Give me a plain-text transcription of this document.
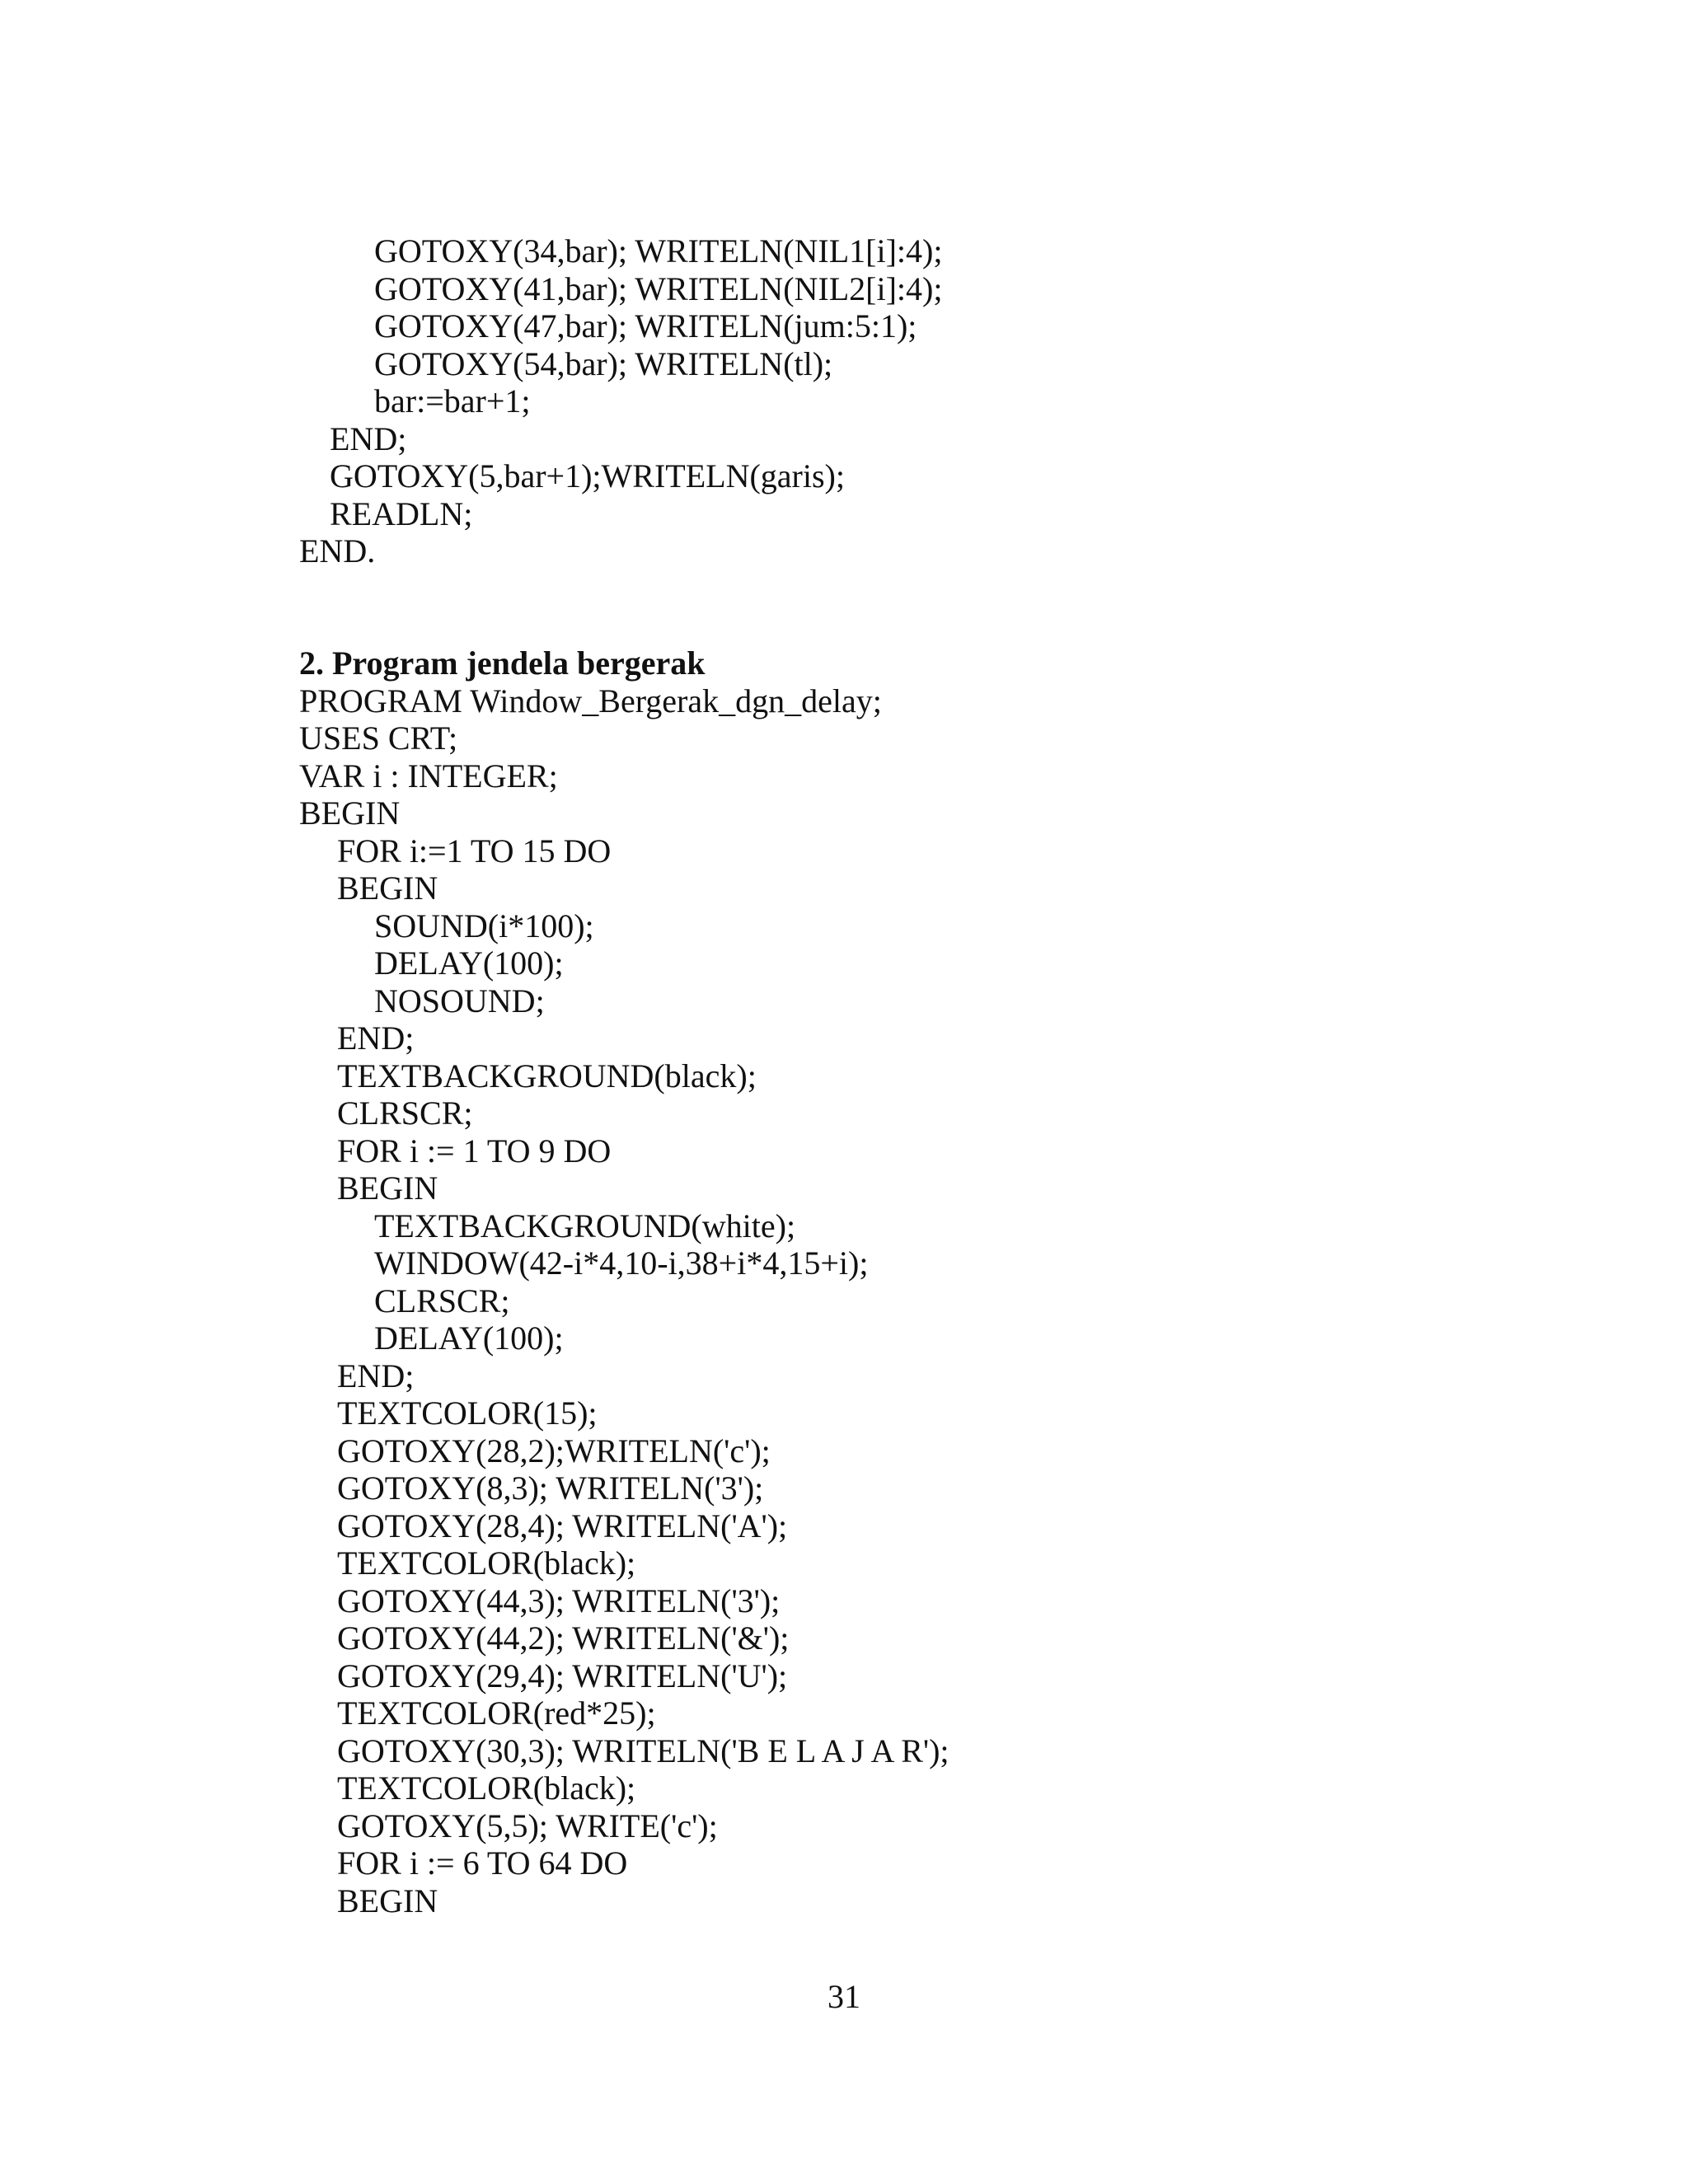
GOTOXY(34,bar); WRITELN(NIL1[i]:4);
GOTOXY(41,bar); WRITELN(NIL2[i]:4);
GOTOXY(47,bar); WRITELN(jum:5:1);
GOTOXY(54,bar); WRITELN(tl);
bar:=bar+1;
END;
GOTOXY(5,bar+1);WRITELN(garis);
READLN;
END.
2. Program jendela bergerak
PROGRAM Window_Bergerak_dgn_delay;
USES CRT;
VAR i : INTEGER;
BEGIN
FOR i:=1 TO 15 DO
BEGIN
SOUND(i*100);
DELAY(100);
NOSOUND;
END;
TEXTBACKGROUND(black);
CLRSCR;
FOR i := 1 TO 9 DO
BEGIN
TEXTBACKGROUND(white);
WINDOW(42-i*4,10-i,38+i*4,15+i);
CLRSCR;
DELAY(100);
END;
TEXTCOLOR(15);
GOTOXY(28,2);WRITELN('c');
GOTOXY(8,3); WRITELN('3');
GOTOXY(28,4); WRITELN('A');
TEXTCOLOR(black);
GOTOXY(44,3); WRITELN('3');
GOTOXY(44,2); WRITELN('&');
GOTOXY(29,4); WRITELN('U');
TEXTCOLOR(red*25);
GOTOXY(30,3); WRITELN('B E L A J A R');
TEXTCOLOR(black);
GOTOXY(5,5); WRITE('c');
FOR i := 6 TO 64 DO
BEGIN
31
